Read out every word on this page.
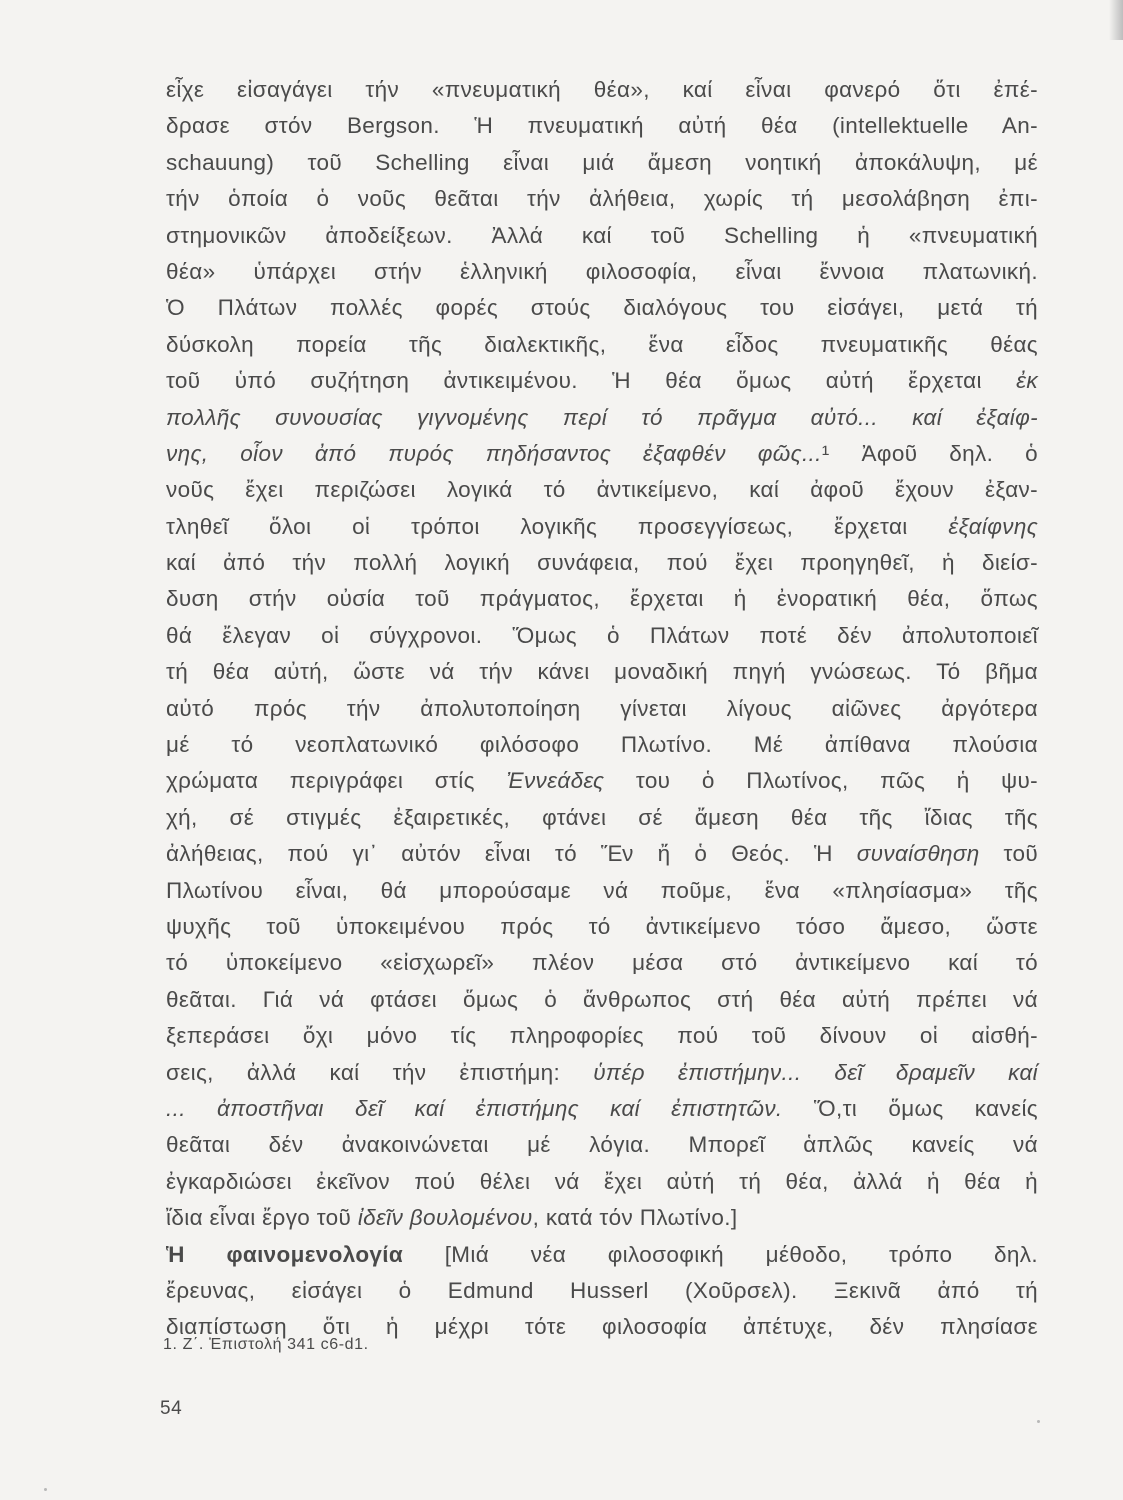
εἶχε εἰσαγάγει τήν «πνευματική θέα», καί εἶναι φανερό ὅτι ἐπέ-
δρασε στόν Bergson. Ἡ πνευματική αὐτή θέα (intellektuelle An-
schauung) τοῦ Schelling εἶναι μιά ἄμεση νοητική ἀποκάλυψη, μέ
τήν ὁποία ὁ νοῦς θεᾶται τήν ἀλήθεια, χωρίς τή μεσολάβηση ἐπι-
στημονικῶν ἀποδείξεων. Ἀλλά καί τοῦ Schelling ἡ «πνευματική
θέα» ὑπάρχει στήν ἑλληνική φιλοσοφία, εἶναι ἔννοια πλατωνική.
Ὁ Πλάτων πολλές φορές στούς διαλόγους του εἰσάγει, μετά τή
δύσκολη πορεία τῆς διαλεκτικῆς, ἕνα εἶδος πνευματικῆς θέας
τοῦ ὑπό συζήτηση ἀντικειμένου. Ἡ θέα ὅμως αὐτή ἔρχεται ἐκ
πολλῆς συνουσίας γιγνομένης περί τό πρᾶγμα αὐτό... καί ἐξαίφ-
νης, οἷον ἀπό πυρός πηδήσαντος ἐξαφθέν φῶς...¹ Ἀφοῦ δηλ. ὁ
νοῦς ἔχει περιζώσει λογικά τό ἀντικείμενο, καί ἀφοῦ ἔχουν ἐξαν-
τληθεῖ ὅλοι οἱ τρόποι λογικῆς προσεγγίσεως, ἔρχεται ἐξαίφνης
καί ἀπό τήν πολλή λογική συνάφεια, πού ἔχει προηγηθεῖ, ἡ διείσ-
δυση στήν οὐσία τοῦ πράγματος, ἔρχεται ἡ ἐνορατική θέα, ὅπως
θά ἔλεγαν οἱ σύγχρονοι. Ὅμως ὁ Πλάτων ποτέ δέν ἀπολυτοποιεῖ
τή θέα αὐτή, ὥστε νά τήν κάνει μοναδική πηγή γνώσεως. Τό βῆμα
αὐτό πρός τήν ἀπολυτοποίηση γίνεται λίγους αἰῶνες ἀργότερα
μέ τό νεοπλατωνικό φιλόσοφο Πλωτίνο. Μέ ἀπίθανα πλούσια
χρώματα περιγράφει στίς Ἐννεάδες του ὁ Πλωτίνος, πῶς ἡ ψυ-
χή, σέ στιγμές ἐξαιρετικές, φτάνει σέ ἄμεση θέα τῆς ἴδιας τῆς
ἀλήθειας, πού γι᾽ αὐτόν εἶναι τό Ἕν ἤ ὁ Θεός. Ἡ συναίσθηση τοῦ
Πλωτίνου εἶναι, θά μπορούσαμε νά ποῦμε, ἕνα «πλησίασμα» τῆς
ψυχῆς τοῦ ὑποκειμένου πρός τό ἀντικείμενο τόσο ἄμεσο, ὥστε
τό ὑποκείμενο «εἰσχωρεῖ» πλέον μέσα στό ἀντικείμενο καί τό
θεᾶται. Γιά νά φτάσει ὅμως ὁ ἄνθρωπος στή θέα αὐτή πρέπει νά
ξεπεράσει ὄχι μόνο τίς πληροφορίες πού τοῦ δίνουν οἱ αἰσθή-
σεις, ἀλλά καί τήν ἐπιστήμη: ὑπέρ ἐπιστήμην... δεῖ δραμεῖν καί
... ἀποστῆναι δεῖ καί ἐπιστήμης καί ἐπιστητῶν. Ὅ,τι ὅμως κανείς
θεᾶται δέν ἀνακοινώνεται μέ λόγια. Μπορεῖ ἁπλῶς κανείς νά
ἐγκαρδιώσει ἐκεῖνον πού θέλει νά ἔχει αὐτή τή θέα, ἀλλά ἡ θέα ἡ
ἴδια εἶναι ἔργο τοῦ ἰδεῖν βουλομένου, κατά τόν Πλωτίνο.]
Ἡ φαινομενολογία [Μιά νέα φιλοσοφική μέθοδο, τρόπο δηλ.
ἔρευνας, εἰσάγει ὁ Edmund Husserl (Χοῦρσελ). Ξεκινᾶ ἀπό τή
διαπίστωση ὅτι ἡ μέχρι τότε φιλοσοφία ἀπέτυχε, δέν πλησίασε
1. Ζ΄. Ἐπιστολή 341 c6-d1.
54
